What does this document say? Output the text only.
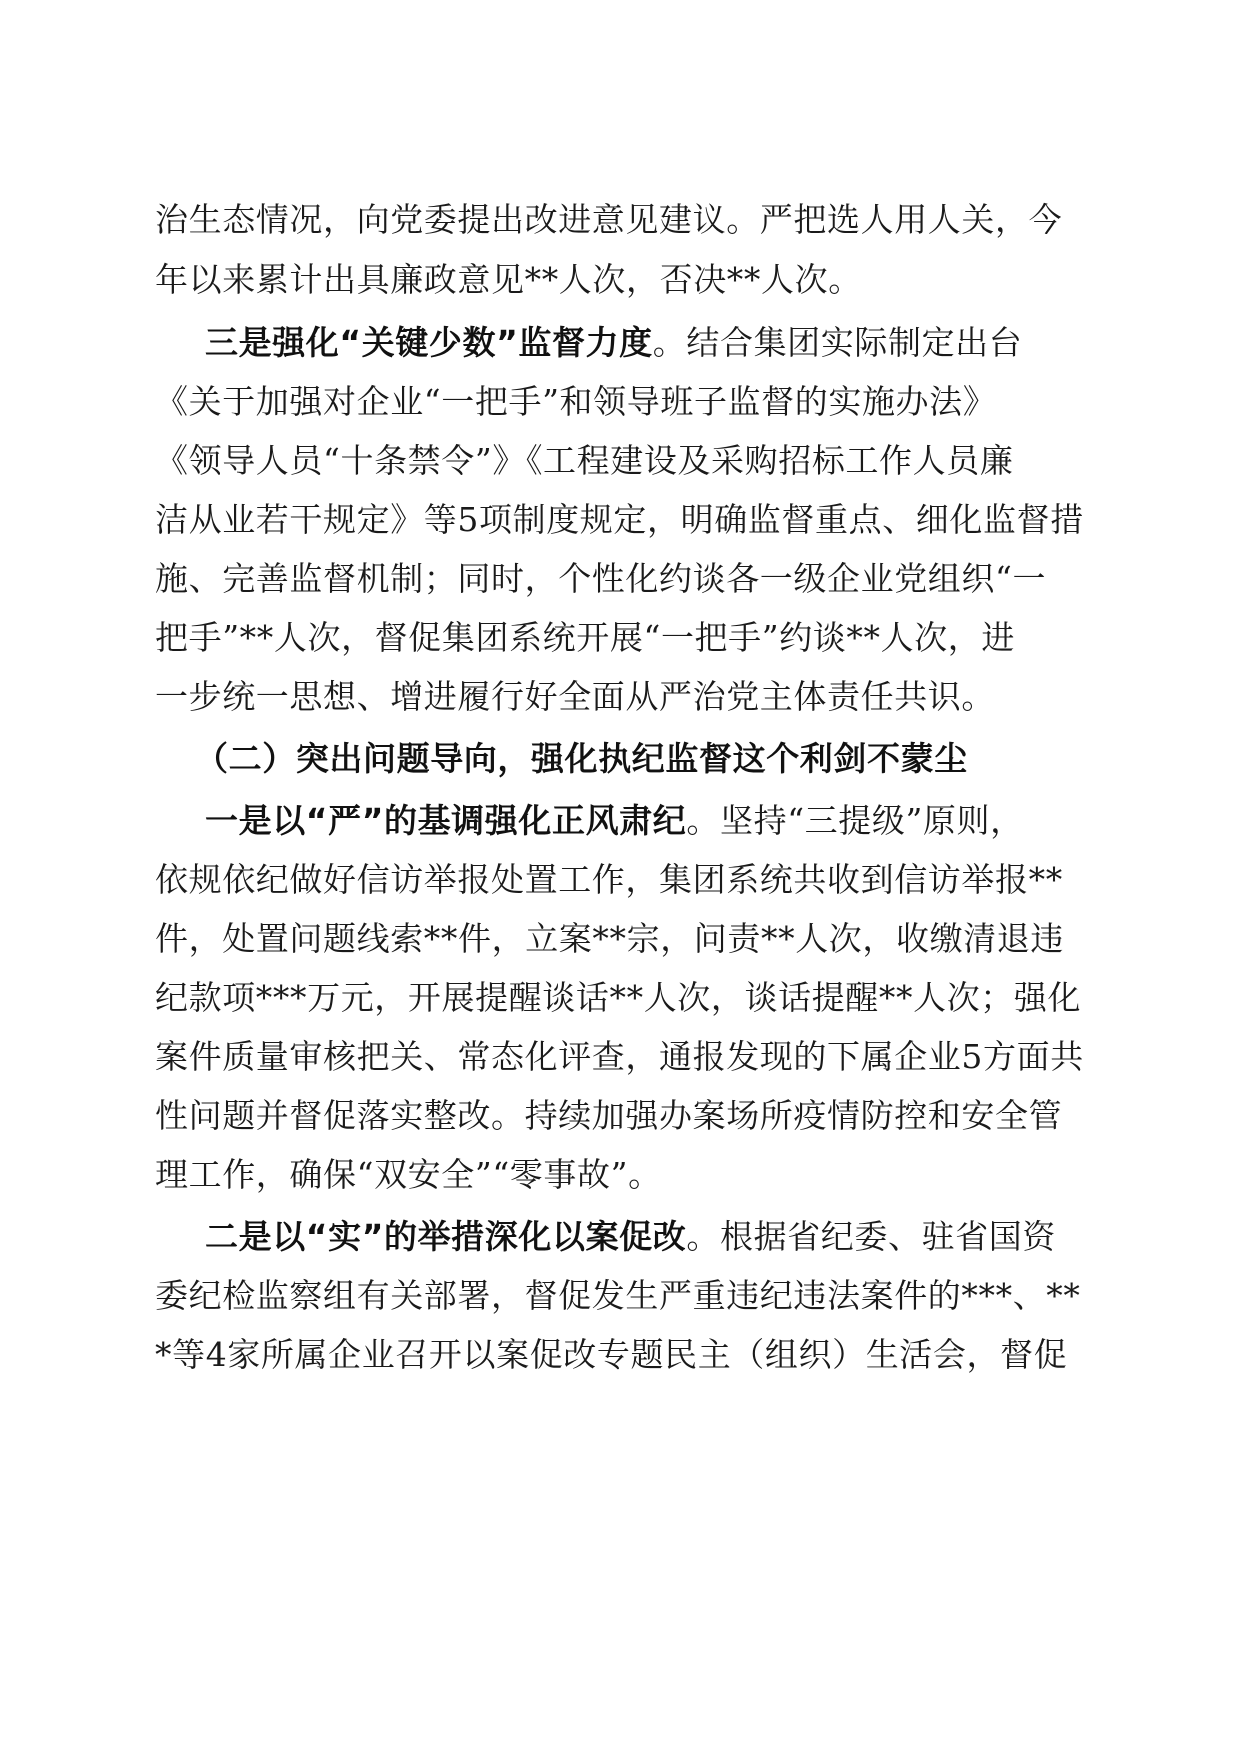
治生态情况，向党委提出改进意见建议。严把选人用人关，今
年以来累计出具廉政意见**人次，否决**人次。
三是强化“关键少数”监督力度。结合集团实际制定出台
《关于加强对企业“一把手”和领导班子监督的实施办法》
《领导人员“十条禁令”》《工程建设及采购招标工作人员廉
洁从业若干规定》等5项制度规定，明确监督重点、细化监督措
施、完善监督机制；同时，个性化约谈各一级企业党组织“一
把手”**人次，督促集团系统开展“一把手”约谈**人次，进
一步统一思想、增进履行好全面从严治党主体责任共识。
（二）突出问题导向，强化执纪监督这个利剑不蒙尘
一是以“严”的基调强化正风肃纪。坚持“三提级”原则，
依规依纪做好信访举报处置工作，集团系统共收到信访举报**
件，处置问题线索**件，立案**宗，问责**人次，收缴清退违
纪款项***万元，开展提醒谈话**人次，谈话提醒**人次；强化
案件质量审核把关、常态化评查，通报发现的下属企业5方面共
性问题并督促落实整改。持续加强办案场所疫情防控和安全管
理工作，确保“双安全”“零事故”。
二是以“实”的举措深化以案促改。根据省纪委、驻省国资
委纪检监察组有关部署，督促发生严重违纪违法案件的***、**
*等4家所属企业召开以案促改专题民主（组织）生活会，督促
